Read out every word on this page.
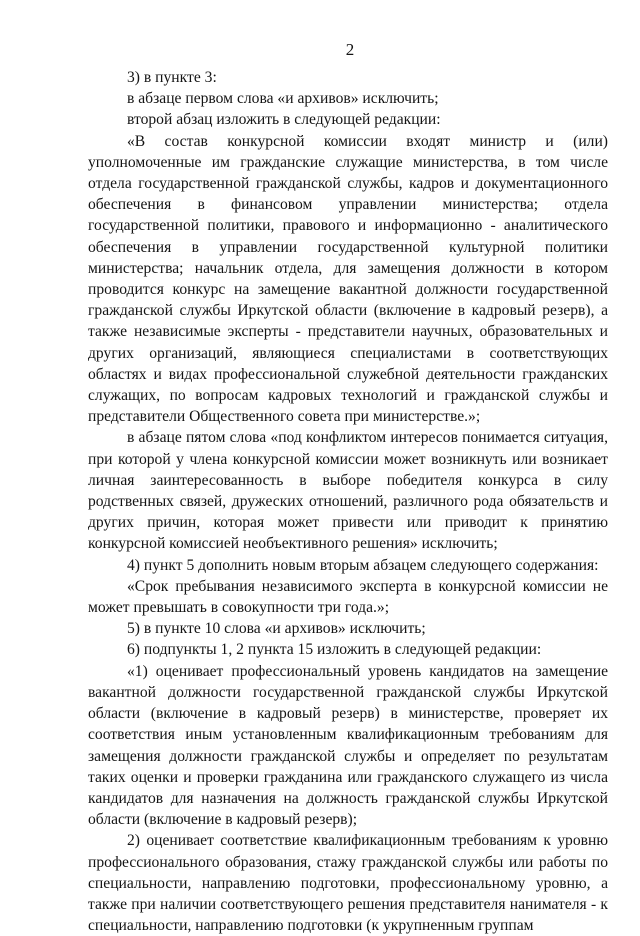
2

3) в пункте 3:

в абзаце первом слова «и архивов» исключить;

второй абзац изложить в следующей редакции:

«В состав конкурсной комиссии входят министр и (или) уполномоченные им гражданские служащие министерства, в том числе отдела государственной гражданской службы, кадров и документационного обеспечения в финансовом управлении министерства; отдела государственной политики, правового и информационно - аналитического обеспечения в управлении государственной культурной политики министерства; начальник отдела, для замещения должности в котором проводится конкурс на замещение вакантной должности государственной гражданской службы Иркутской области (включение в кадровый резерв), а также независимые эксперты - представители научных, образовательных и других организаций, являющиеся специалистами в соответствующих областях и видах профессиональной служебной деятельности гражданских служащих, по вопросам кадровых технологий и гражданской службы и представители Общественного совета при министерстве.»;

в абзаце пятом слова «под конфликтом интересов понимается ситуация, при которой у члена конкурсной комиссии может возникнуть или возникает личная заинтересованность в выборе победителя конкурса в силу родственных связей, дружеских отношений, различного рода обязательств и других причин, которая может привести или приводит к принятию конкурсной комиссией необъективного решения» исключить;

4) пункт 5 дополнить новым вторым абзацем следующего содержания:

«Срок пребывания независимого эксперта в конкурсной комиссии не может превышать в совокупности три года.»;

5) в пункте 10 слова «и архивов» исключить;

6) подпункты 1, 2 пункта 15 изложить в следующей редакции:

«1) оценивает профессиональный уровень кандидатов на замещение вакантной должности государственной гражданской службы Иркутской области (включение в кадровый резерв) в министерстве, проверяет их соответствия иным установленным квалификационным требованиям для замещения должности гражданской службы и определяет по результатам таких оценки и проверки гражданина или гражданского служащего из числа кандидатов для назначения на должность гражданской службы Иркутской области (включение в кадровый резерв);

2) оценивает соответствие квалификационным требованиям к уровню профессионального образования, стажу гражданской службы или работы по специальности, направлению подготовки, профессиональному уровню, а также при наличии соответствующего решения представителя нанимателя - к специальности, направлению подготовки (к укрупненным группам
